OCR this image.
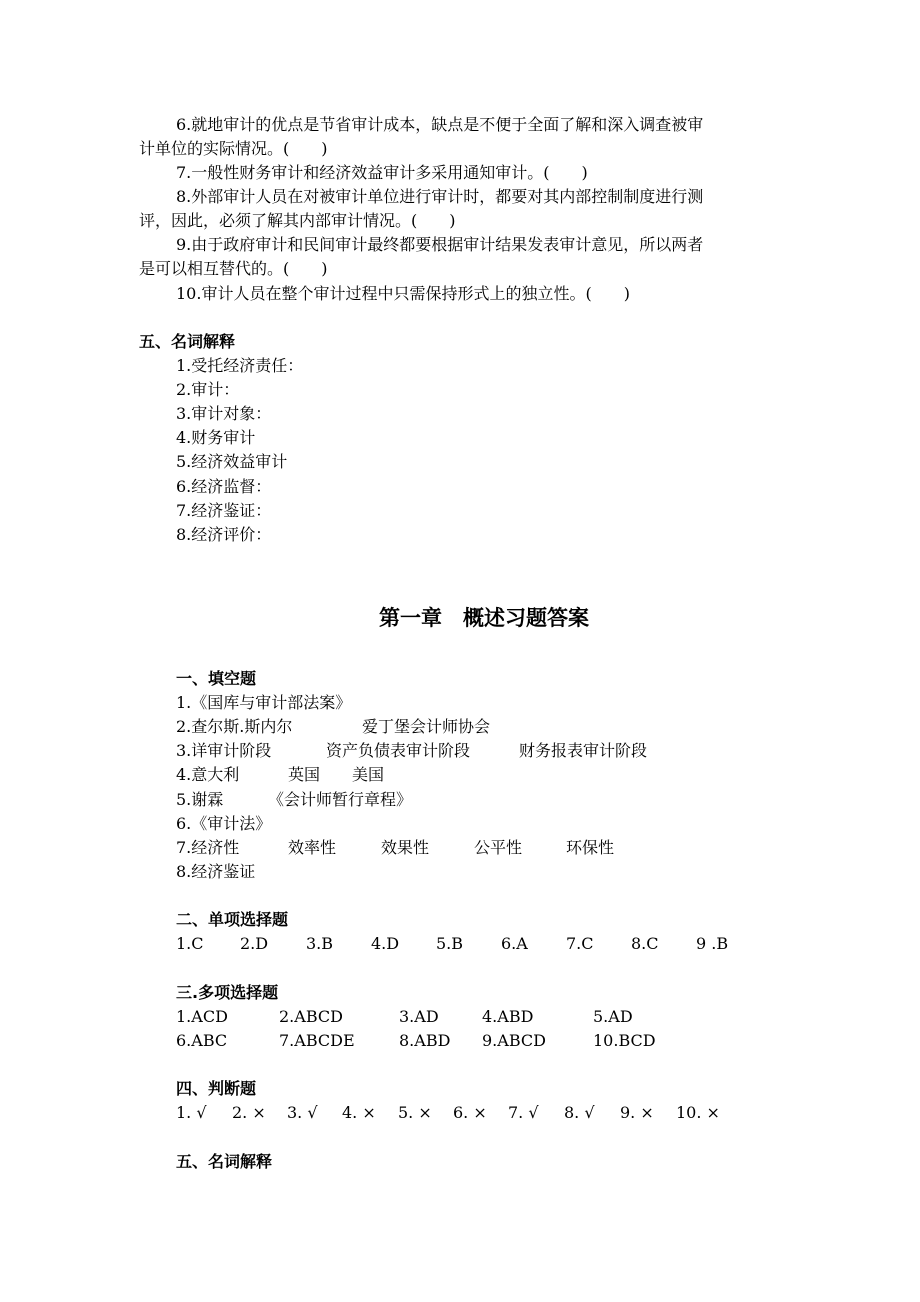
6.就地审计的优点是节省审计成本，缺点是不便于全面了解和深入调查被审
计单位的实际情况。(　　)
7.一般性财务审计和经济效益审计多采用通知审计。(　　)
8.外部审计人员在对被审计单位进行审计时，都要对其内部控制制度进行测
评，因此，必须了解其内部审计情况。(　　)
9.由于政府审计和民间审计最终都要根据审计结果发表审计意见，所以两者
是可以相互替代的。(　　)
10.审计人员在整个审计过程中只需保持形式上的独立性。(　　)
五、名词解释
1.受托经济责任：
2.审计：
3.审计对象：
4.财务审计
5.经济效益审计
6.经济监督：
7.经济鉴证：
8.经济评价：
第一章　概述习题答案
一、填空题
1.《国库与审计部法案》
2.查尔斯.斯内尔	爱丁堡会计师协会
3.详审计阶段	资产负债表审计阶段	财务报表审计阶段
4.意大利	英国 美国
5.谢霖	《会计师暂行章程》
6.《审计法》
7.经济性	效率性	效果性	公平性	环保性
8.经济鉴证
二、单项选择题
1.C 2.D 3.B 4.D 5.B 6.A 7.C 8.C 9 .B
三.多项选择题
1.ACD	2.ABCD	3.AD	4.ABD	5.AD
6.ABC	7.ABCDE	8.ABD 9.ABCD	10.BCD
四、判断题
1. √ 2. × 3. √ 4. × 5. × 6. × 7. √ 8. √ 9. × 10. ×
五、名词解释
